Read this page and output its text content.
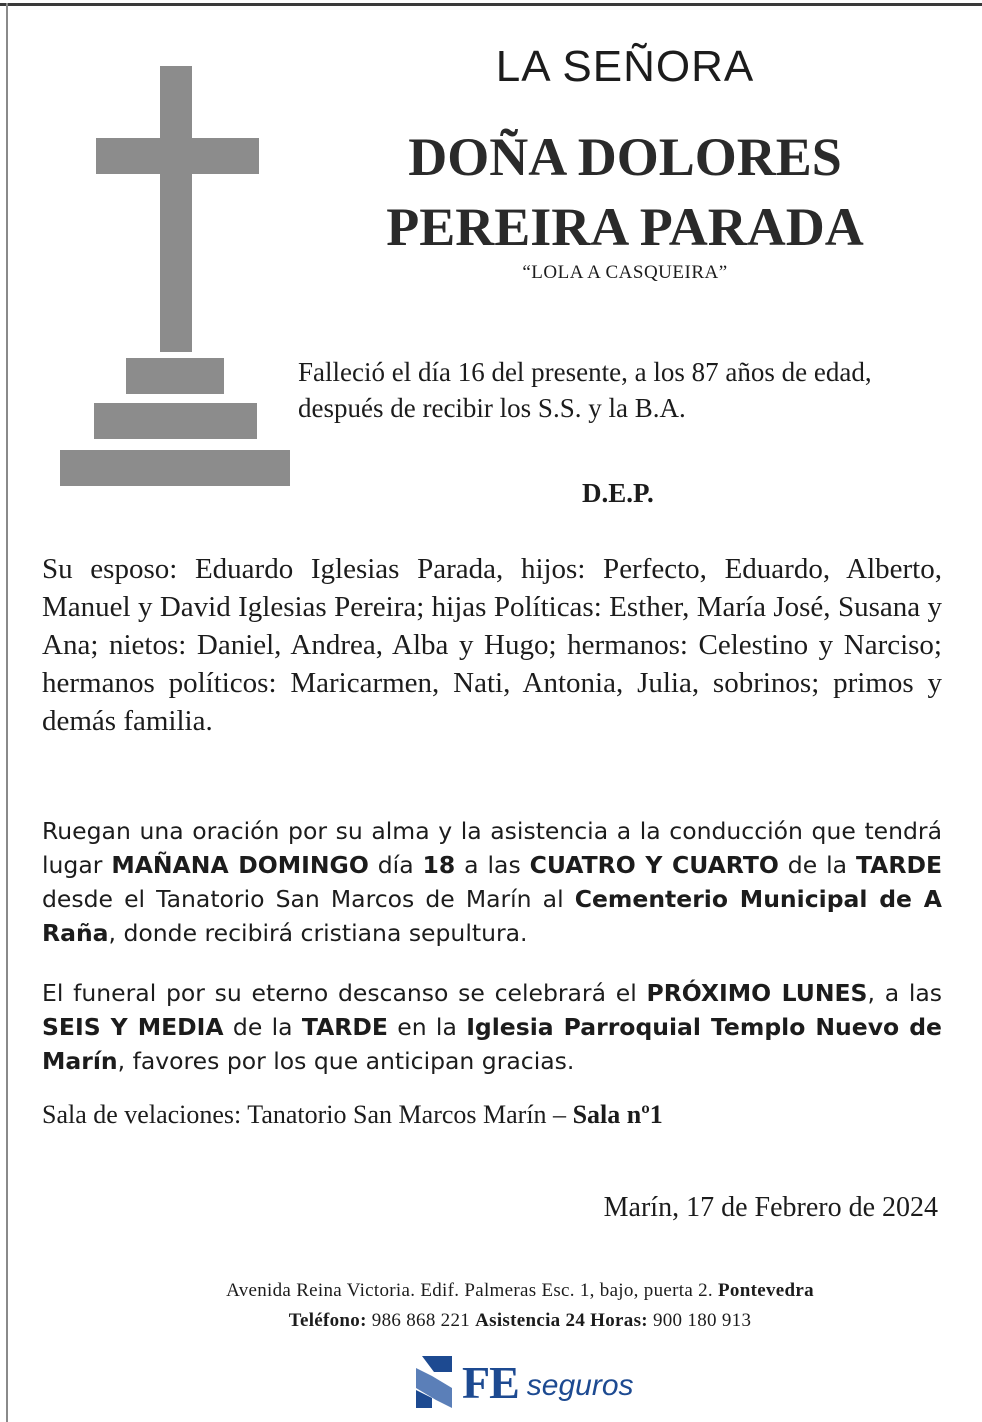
LA SEÑORA
DOÑA DOLORES
PEREIRA PARADA
“LOLA A CASQUEIRA”
Falleció el día 16 del presente, a los 87 años de edad, después de recibir los S.S. y la B.A.
D.E.P.
Su esposo: Eduardo Iglesias Parada, hijos: Perfecto, Eduardo, Alberto, Manuel y David Iglesias Pereira; hijas Políticas: Esther, María José, Susana y Ana; nietos: Daniel, Andrea, Alba y Hugo; hermanos: Celestino y Narciso; hermanos políticos: Maricarmen, Nati, Antonia, Julia, sobrinos; primos y demás familia.
Ruegan una oración por su alma y la asistencia a la conducción que tendrá lugar MAÑANA DOMINGO día 18 a las CUATRO Y CUARTO de la TARDE desde el Tanatorio San Marcos de Marín al Cementerio Municipal de A Raña, donde recibirá cristiana sepultura.
El funeral por su eterno descanso se celebrará el PRÓXIMO LUNES, a las SEIS Y MEDIA de la TARDE en la Iglesia Parroquial Templo Nuevo de Marín, favores por los que anticipan gracias.
Sala de velaciones: Tanatorio San Marcos Marín – Sala nº1
Marín, 17 de Febrero de 2024
Avenida Reina Victoria. Edif. Palmeras Esc. 1, bajo, puerta 2. Pontevedra
Teléfono: 986 868 221 Asistencia 24 Horas: 900 180 913
FE seguros
